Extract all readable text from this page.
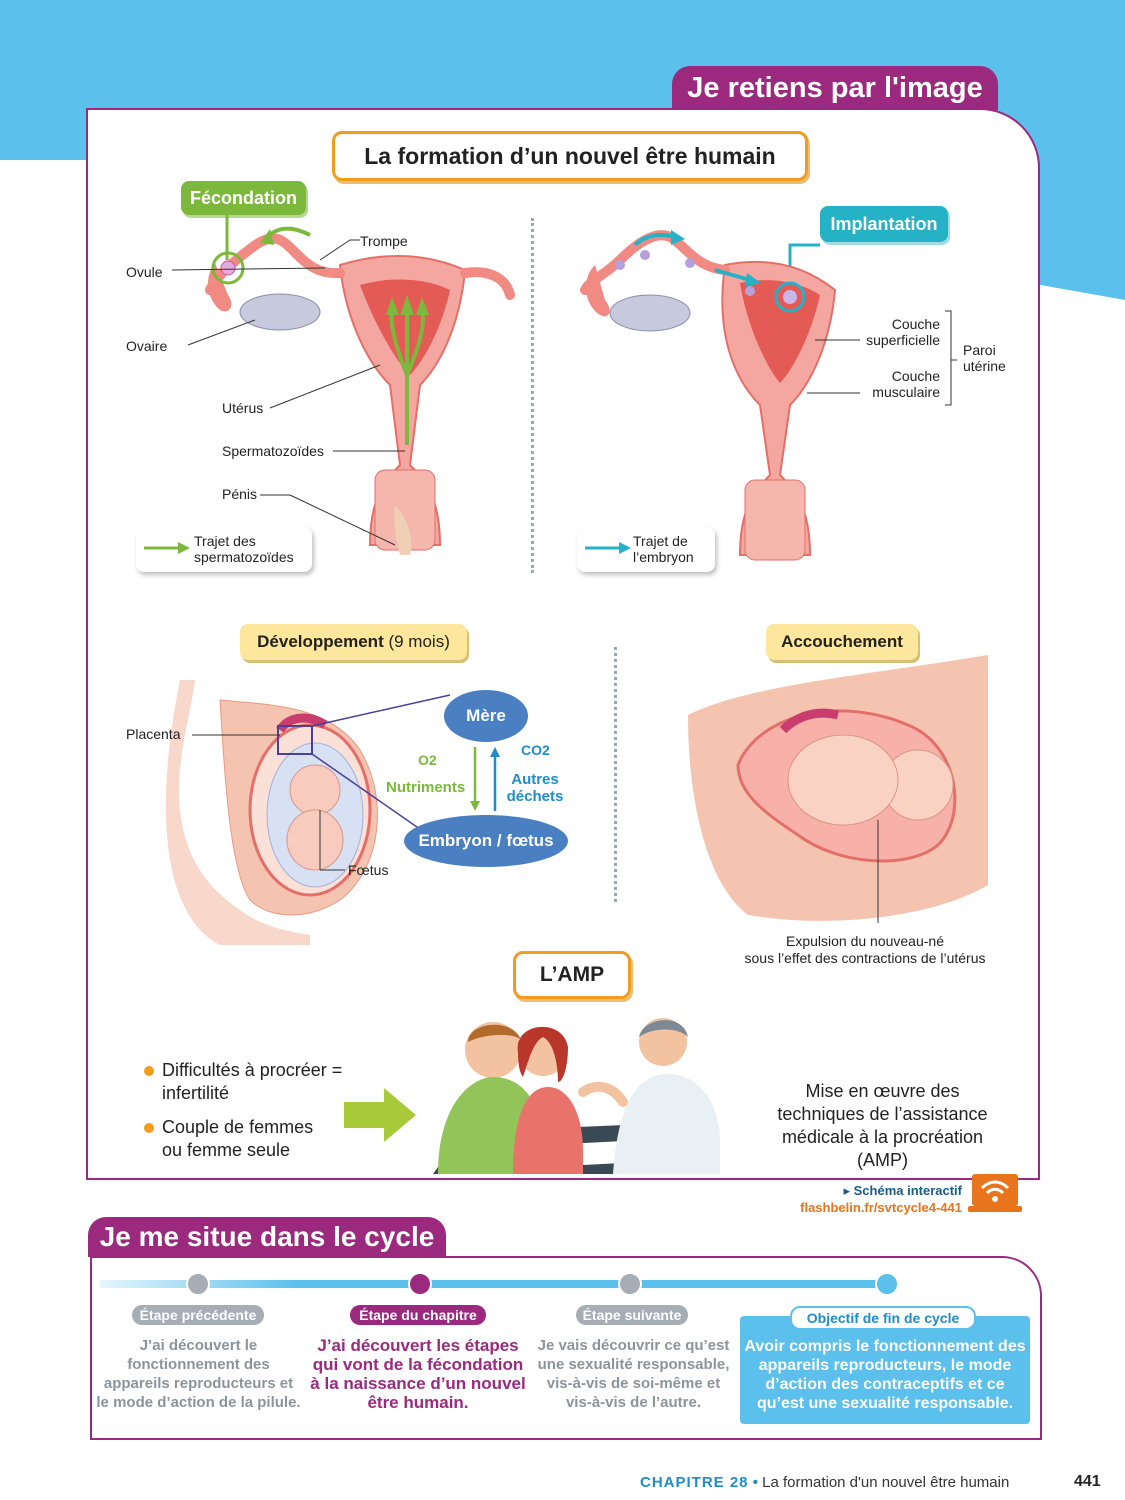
Je retiens par l'image
La formation d’un nouvel être humain
Fécondation
Trompe
Ovule
Ovaire
Utérus
Spermatozoïdes
Pénis
Trajet des spermatozoïdes
Implantation
Couche superficielle
Couche musculaire
Paroi utérine
Trajet de l’embryon
Développement (9 mois)
Placenta
Fœtus
Mère
Embryon / fœtus
O2
Nutriments
CO2
Autres déchets
Accouchement
Expulsion du nouveau-né
sous l’effet des contractions de l’utérus
L’AMP
Difficultés à procréer = infertilité
Couple de femmes ou femme seule
Mise en œuvre des techniques de l’assistance médicale à la procréation (AMP)
▸ Schéma interactif
flashbelin.fr/svtcycle4-441
Je me situe dans le cycle
Étape précédente
J’ai découvert le fonctionnement des appareils reproducteurs et le mode d’action de la pilule.
Étape du chapitre
J’ai découvert les étapes qui vont de la fécondation à la naissance d’un nouvel être humain.
Étape suivante
Je vais découvrir ce qu’est une sexualité responsable, vis-à-vis de soi-même et vis-à-vis de l’autre.
Objectif de fin de cycle
Avoir compris le fonctionnement des appareils reproducteurs, le mode d’action des contraceptifs et ce qu’est une sexualité responsable.
CHAPITRE 28 • La formation d'un nouvel être humain	441
